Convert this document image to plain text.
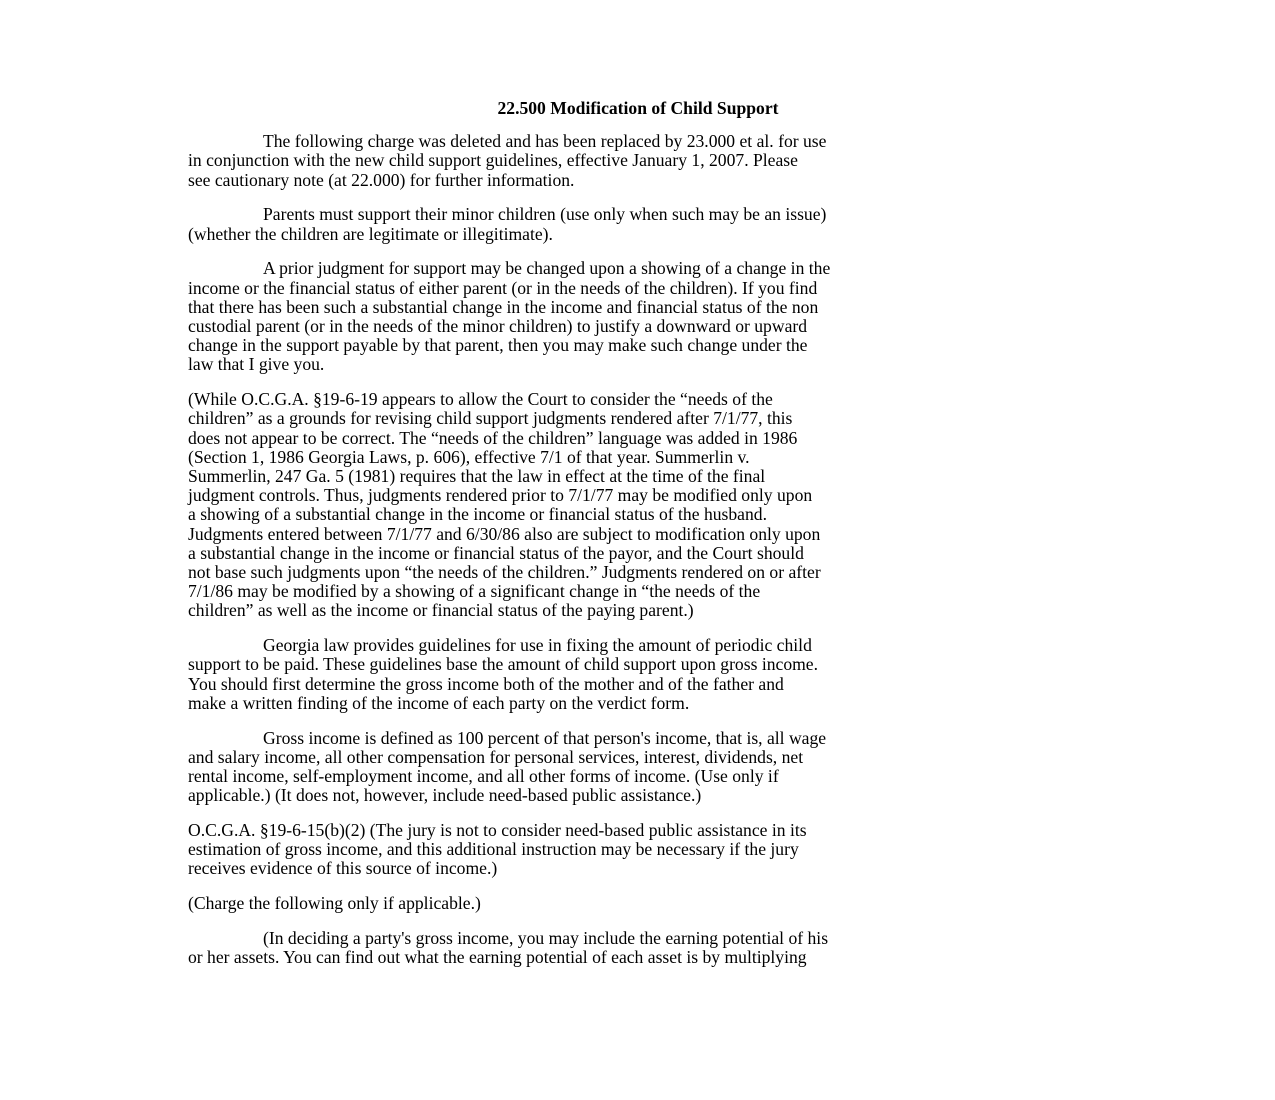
22.500 Modification of Child Support
The following charge was deleted and has been replaced by 23.000 et al. for use
in conjunction with the new child support guidelines, effective January 1, 2007. Please
see cautionary note (at 22.000) for further information.
Parents must support their minor children (use only when such may be an issue)
(whether the children are legitimate or illegitimate).
A prior judgment for support may be changed upon a showing of a change in the
income or the financial status of either parent (or in the needs of the children). If you find
that there has been such a substantial change in the income and financial status of the non
custodial parent (or in the needs of the minor children) to justify a downward or upward
change in the support payable by that parent, then you may make such change under the
law that I give you.
(While O.C.G.A. §19-6-19 appears to allow the Court to consider the “needs of the
children” as a grounds for revising child support judgments rendered after 7/1/77, this
does not appear to be correct. The “needs of the children” language was added in 1986
(Section 1, 1986 Georgia Laws, p. 606), effective 7/1 of that year. Summerlin v.
Summerlin, 247 Ga. 5 (1981) requires that the law in effect at the time of the final
judgment controls. Thus, judgments rendered prior to 7/1/77 may be modified only upon
a showing of a substantial change in the income or financial status of the husband.
Judgments entered between 7/1/77 and 6/30/86 also are subject to modification only upon
a substantial change in the income or financial status of the payor, and the Court should
not base such judgments upon “the needs of the children.” Judgments rendered on or after
7/1/86 may be modified by a showing of a significant change in “the needs of the
children” as well as the income or financial status of the paying parent.)
Georgia law provides guidelines for use in fixing the amount of periodic child
support to be paid. These guidelines base the amount of child support upon gross income.
You should first determine the gross income both of the mother and of the father and
make a written finding of the income of each party on the verdict form.
Gross income is defined as 100 percent of that person's income, that is, all wage
and salary income, all other compensation for personal services, interest, dividends, net
rental income, self-employment income, and all other forms of income. (Use only if
applicable.) (It does not, however, include need-based public assistance.)
O.C.G.A. §19-6-15(b)(2) (The jury is not to consider need-based public assistance in its
estimation of gross income, and this additional instruction may be necessary if the jury
receives evidence of this source of income.)
(Charge the following only if applicable.)
(In deciding a party's gross income, you may include the earning potential of his
or her assets. You can find out what the earning potential of each asset is by multiplying
